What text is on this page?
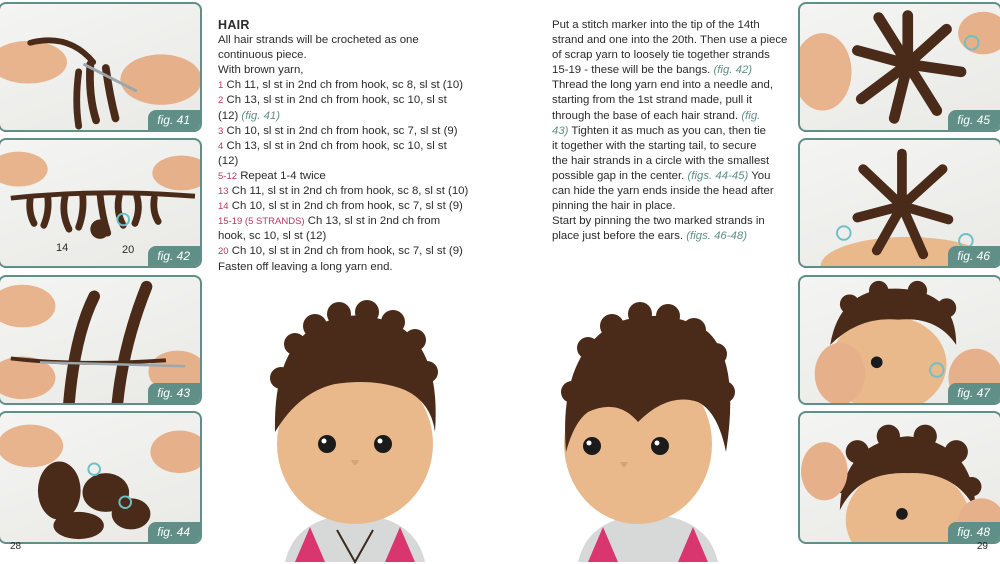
fig. 41
14	20	fig. 42
fig. 43
fig. 44

HAIR

All hair strands will be crocheted as one

continuous piece.

With brown yarn,

1 Ch 11, sl st in 2nd ch from hook, sc 8, sl st (10)

2 Ch 13, sl st in 2nd ch from hook, sc 10, sl st

(12) (fig. 41)

3 Ch 10, sl st in 2nd ch from hook, sc 7, sl st (9)

4 Ch 13, sl st in 2nd ch from hook, sc 10, sl st

(12)

5-12 Repeat 1-4 twice

13 Ch 11, sl st in 2nd ch from hook, sc 8, sl st (10)

14 Ch 10, sl st in 2nd ch from hook, sc 7, sl st (9)

15-19 (5 STRANDS) Ch 13, sl st in 2nd ch from

hook, sc 10, sl st (12)

20 Ch 10, sl st in 2nd ch from hook, sc 7, sl st (9)

Fasten off leaving a long yarn end.

Put a stitch marker into the tip of the 14th

strand and one into the 20th. Then use a piece

of scrap yarn to loosely tie together strands

15-19 - these will be the bangs. (fig. 42)

Thread the long yarn end into a needle and,

starting from the 1st strand made, pull it

through the base of each hair strand. (fig.

43) Tighten it as much as you can, then tie

it together with the starting tail, to secure

the hair strands in a circle with the smallest

possible gap in the center. (figs. 44-45) You

can hide the yarn ends inside the head after

pinning the hair in place.

Start by pinning the two marked strands in

place just before the ears. (figs. 46-48)

fig. 45
fig. 46
fig. 47
fig. 48
28	29
